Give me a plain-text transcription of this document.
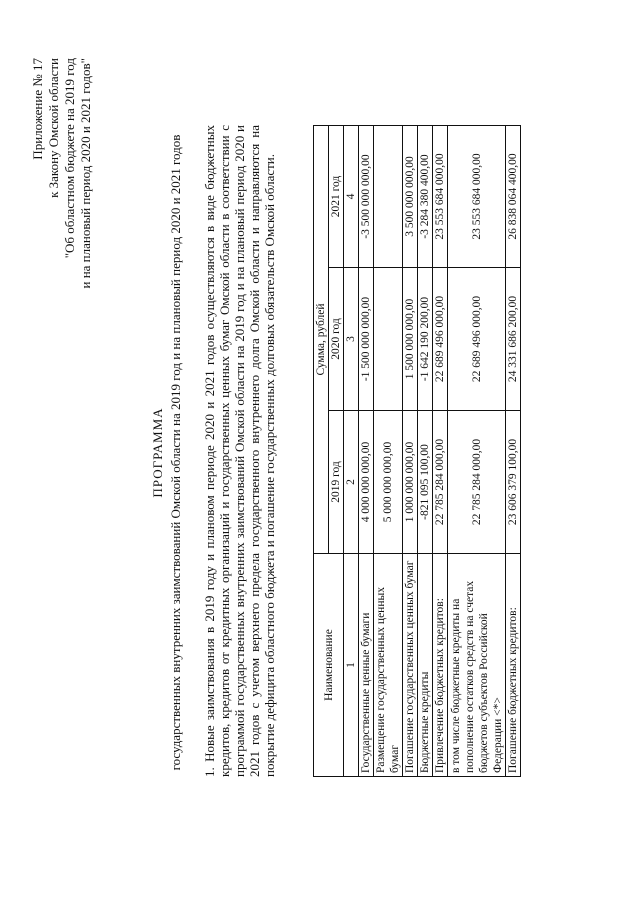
Приложение № 17 к Закону Омской области "Об областном бюджете на 2019 год и на плановый период 2020 и 2021 годов"
ПРОГРАММА государственных внутренних заимствований Омской области на 2019 год и на плановый период 2020 и 2021 годов 1. Новые заимствования в 2019 году и плановом периоде 2020 и 2021 годов осуществляются в виде бюджетных кредитов, кредитов от кредитных организаций и государственных ценных бумаг Омской области в соответствии с программой государственных внутренних заимствований Омской области на 2019 год и на плановый период 2020 и 2021 годов с учетом верхнего предела государственного внутреннего долга Омской области и направляются на покрытие дефицита областного бюджета и погашение государственных долговых обязательств Омской области.	Наименование	Сумма, рублей		
	2019 год	2020 год	2021 год
1	2	3	4
Государственные ценные бумаги	4 000 000 000,00	-1 500 000 000,00	-3 500 000 000,00
Размещение государственных ценных бумаг	5 000 000 000,00		
Погашение государственных ценных бумаг	1 000 000 000,00	1 500 000 000,00	3 500 000 000,00
Бюджетные кредиты	-821 095 100,00	-1 642 190 200,00	-3 284 380 400,00
Привлечение бюджетных кредитов:	22 785 284 000,00	22 689 496 000,00	23 553 684 000,00
в том числе бюджетные кредиты на пополнение остатков средств на счетах бюджетов субъектов Российской Федерации <*>	22 785 284 000,00	22 689 496 000,00	23 553 684 000,00
Погашение бюджетных кредитов:	23 606 379 100,00	24 331 686 200,00	26 838 064 400,00
